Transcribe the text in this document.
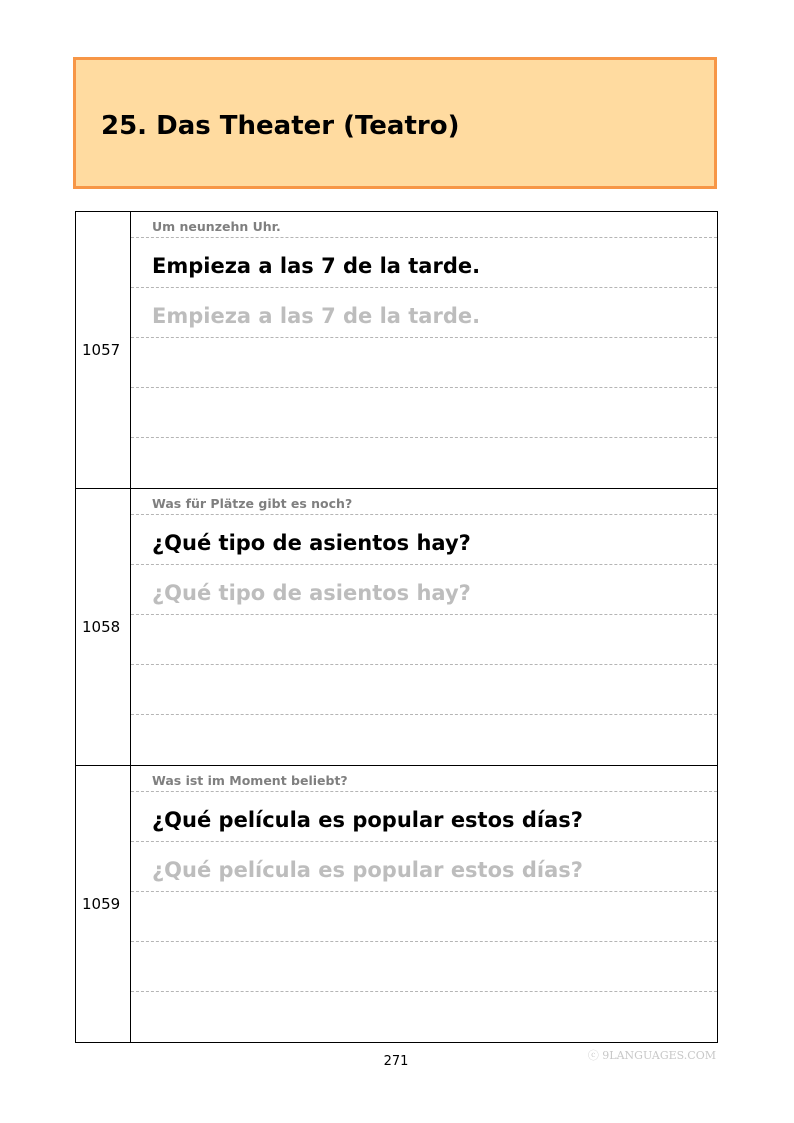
25. Das Theater (Teatro)
1057
Um neunzehn Uhr.
Empieza a las 7 de la tarde.
Empieza a las 7 de la tarde.
1058
Was für Plätze gibt es noch?
¿Qué tipo de asientos hay?
¿Qué tipo de asientos hay?
1059
Was ist im Moment beliebt?
¿Qué película es popular estos días?
¿Qué película es popular estos días?
271	ⓒ 9LANGUAGES.COM
